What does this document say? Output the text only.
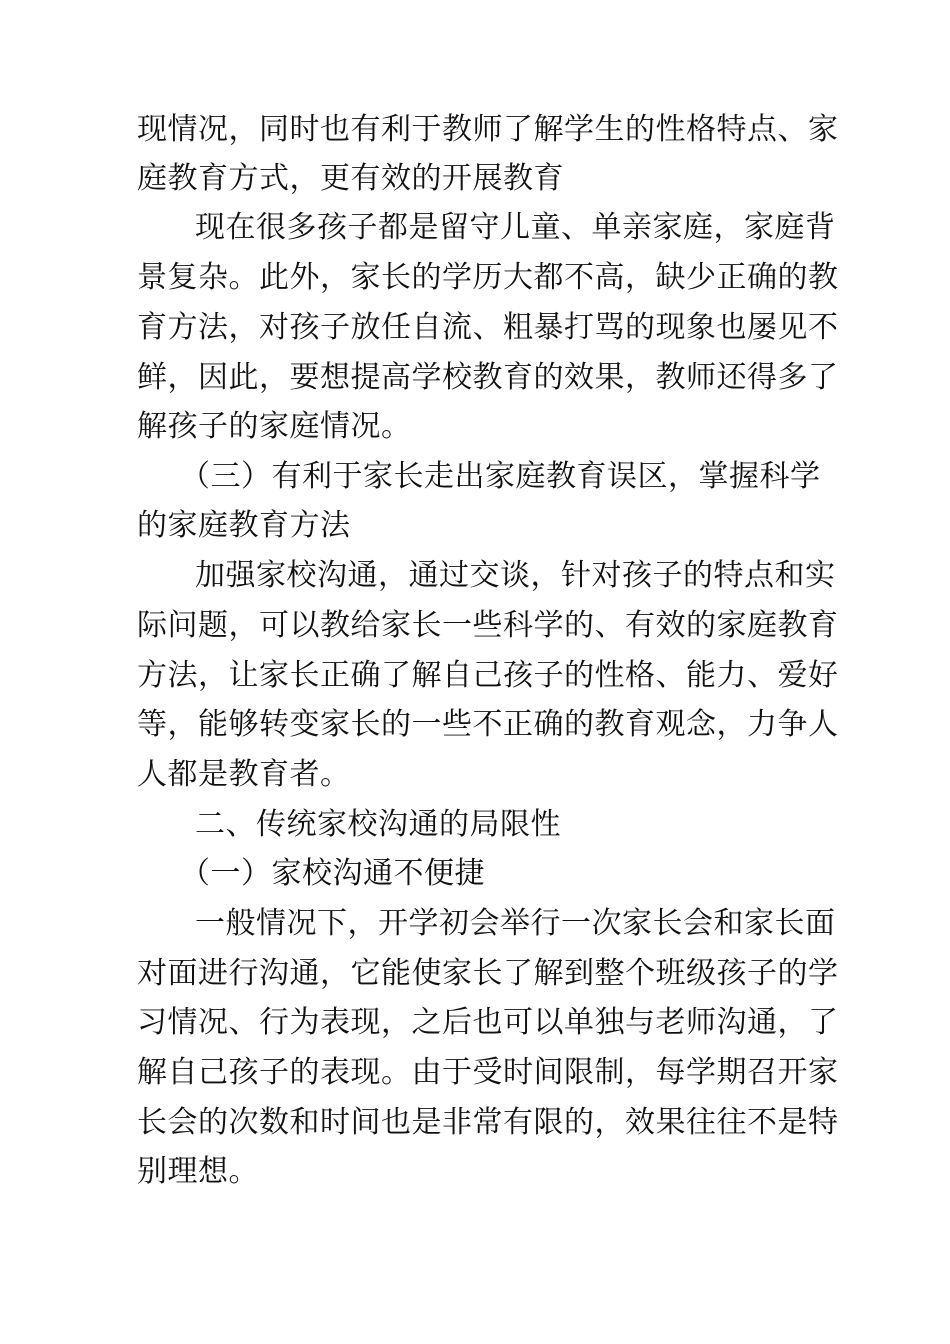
现情况，同时也有利于教师了解学生的性格特点、家
庭教育方式，更有效的开展教育
现在很多孩子都是留守儿童、单亲家庭，家庭背
景复杂。此外，家长的学历大都不高，缺少正确的教
育方法，对孩子放任自流、粗暴打骂的现象也屡见不
鲜，因此，要想提高学校教育的效果，教师还得多了
解孩子的家庭情况。
（三）有利于家长走出家庭教育误区，掌握科学
的家庭教育方法
加强家校沟通，通过交谈，针对孩子的特点和实
际问题，可以教给家长一些科学的、有效的家庭教育
方法，让家长正确了解自己孩子的性格、能力、爱好
等，能够转变家长的一些不正确的教育观念，力争人
人都是教育者。
二、传统家校沟通的局限性
（一）家校沟通不便捷
一般情况下，开学初会举行一次家长会和家长面
对面进行沟通，它能使家长了解到整个班级孩子的学
习情况、行为表现，之后也可以单独与老师沟通，了
解自己孩子的表现。由于受时间限制，每学期召开家
长会的次数和时间也是非常有限的，效果往往不是特
别理想。
